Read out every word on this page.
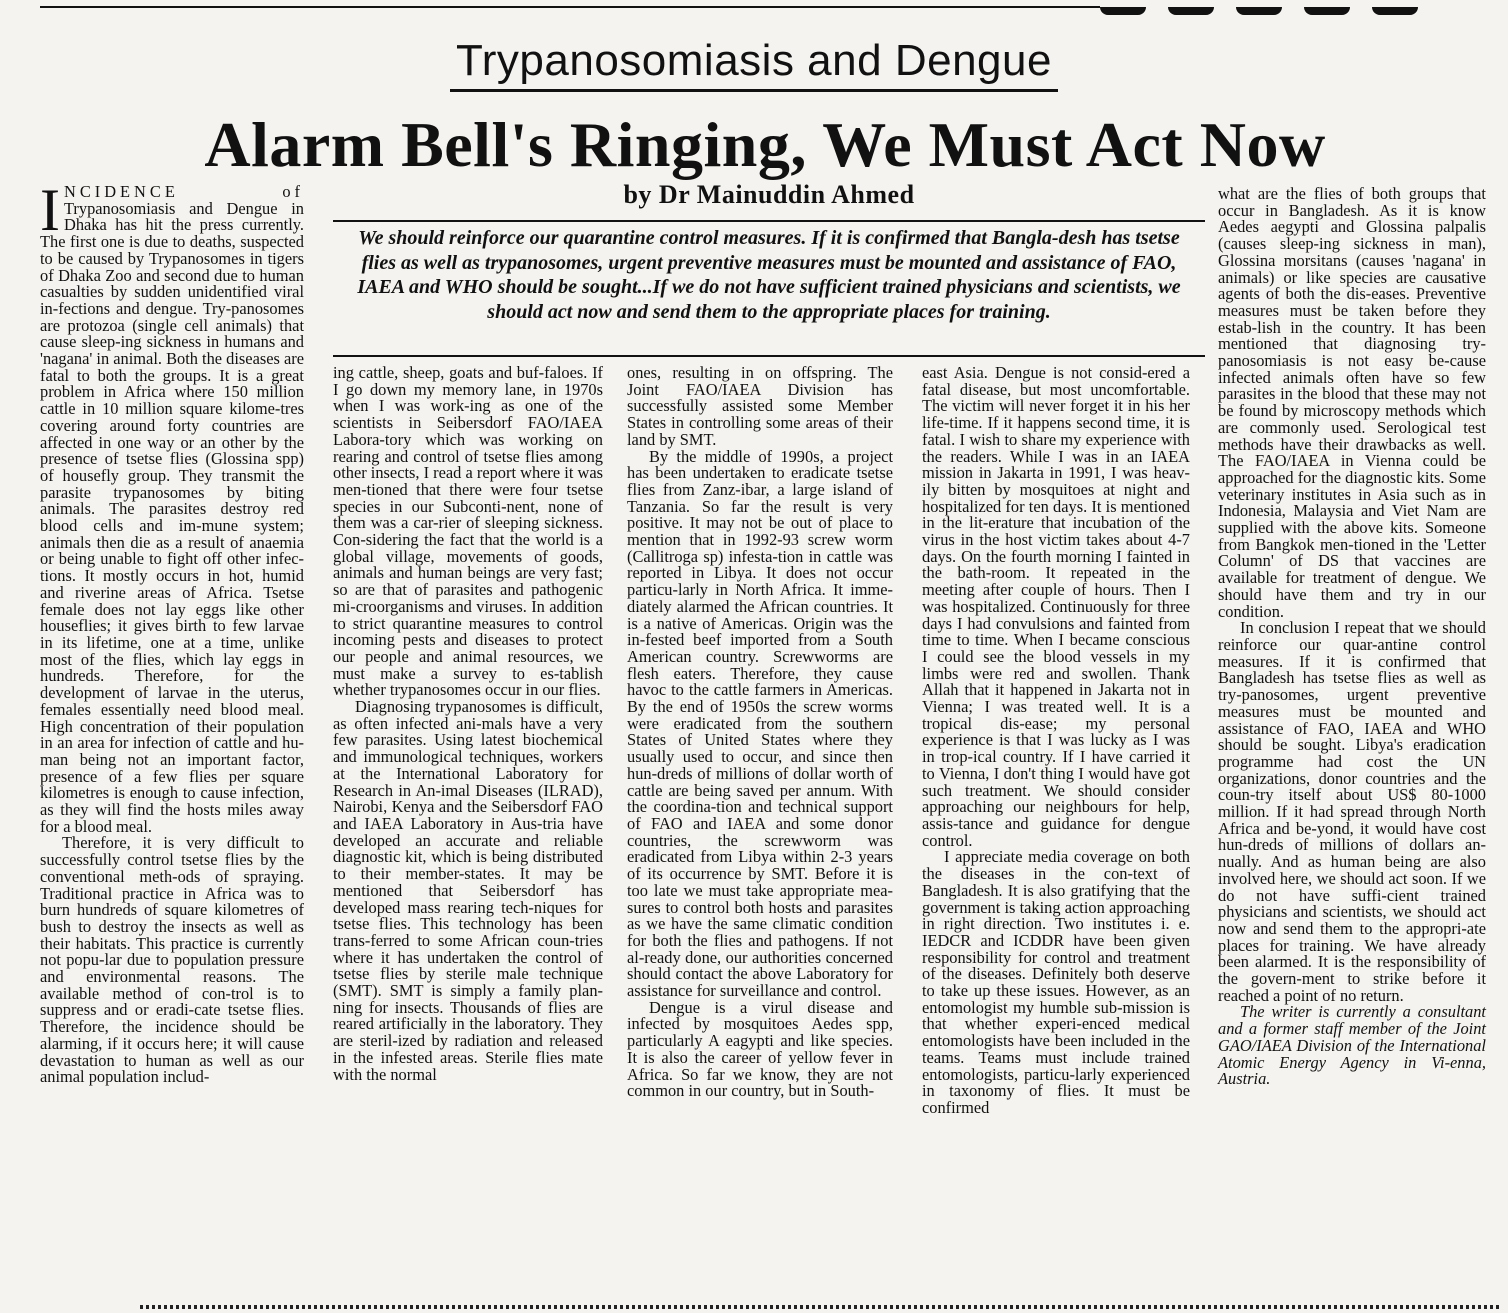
Trypanosomiasis and Dengue
Alarm Bell's Ringing, We Must Act Now

INCIDENCE of Trypanosomiasis and Dengue in Dhaka has hit the press currently. The first one is due to deaths, suspected to be caused by Trypanosomes in tigers of Dhaka Zoo and second due to human casualties by sudden unidentified viral in-fections and dengue. Try-panosomes are protozoa (single cell animals) that cause sleep-ing sickness in humans and 'nagana' in animal. Both the diseases are fatal to both the groups. It is a great problem in Africa where 150 million cattle in 10 million square kilome-tres covering around forty countries are affected in one way or an other by the presence of tsetse flies (Glossina spp) of housefly group. They transmit the parasite trypanosomes by biting animals. The parasites destroy red blood cells and im-mune system; animals then die as a result of anaemia or being unable to fight off other infec-tions. It mostly occurs in hot, humid and riverine areas of Africa. Tsetse female does not lay eggs like other houseflies; it gives birth to few larvae in its lifetime, one at a time, unlike most of the flies, which lay eggs in hundreds. Therefore, for the development of larvae in the uterus, females essentially need blood meal. High concentration of their population in an area for infection of cattle and hu-man being not an important factor, presence of a few flies per square kilometres is enough to cause infection, as they will find the hosts miles away for a blood meal.

Therefore, it is very difficult to successfully control tsetse flies by the conventional meth-ods of spraying. Traditional practice in Africa was to burn hundreds of square kilometres of bush to destroy the insects as well as their habitats. This practice is currently not popu-lar due to population pressure and environmental reasons. The available method of con-trol is to suppress and or eradi-cate tsetse flies. Therefore, the incidence should be alarming, if it occurs here; it will cause devastation to human as well as our animal population includ-

by Dr Mainuddin Ahmed

We should reinforce our quarantine control measures. If it is confirmed that Bangla-desh has tsetse flies as well as trypanosomes, urgent preventive measures must be mounted and assistance of FAO, IAEA and WHO should be sought...If we do not have sufficient trained physicians and scientists, we should act now and send them to the appropriate places for training.

ing cattle, sheep, goats and buf-faloes. If I go down my memory lane, in 1970s when I was work-ing as one of the scientists in Seibersdorf FAO/IAEA Labora-tory which was working on rearing and control of tsetse flies among other insects, I read a report where it was men-tioned that there were four tsetse species in our Subconti-nent, none of them was a car-rier of sleeping sickness. Con-sidering the fact that the world is a global village, movements of goods, animals and human beings are very fast; so are that of parasites and pathogenic mi-croorganisms and viruses. In addition to strict quarantine measures to control incoming pests and diseases to protect our people and animal resources, we must make a survey to es-tablish whether trypanosomes occur in our flies.

Diagnosing trypanosomes is difficult, as often infected ani-mals have a very few parasites. Using latest biochemical and immunological techniques, workers at the International Laboratory for Research in An-imal Diseases (ILRAD), Nairobi, Kenya and the Seibersdorf FAO and IAEA Laboratory in Aus-tria have developed an accurate and reliable diagnostic kit, which is being distributed to their member-states. It may be mentioned that Seibersdorf has developed mass rearing tech-niques for tsetse flies. This technology has been trans-ferred to some African coun-tries where it has undertaken the control of tsetse flies by sterile male technique (SMT). SMT is simply a family plan-ning for insects. Thousands of flies are reared artificially in the laboratory. They are steril-ized by radiation and released in the infested areas. Sterile flies mate with the normal

ones, resulting in on offspring. The Joint FAO/IAEA Division has successfully assisted some Member States in controlling some areas of their land by SMT.

By the middle of 1990s, a project has been undertaken to eradicate tsetse flies from Zanz-ibar, a large island of Tanzania. So far the result is very positive. It may not be out of place to mention that in 1992-93 screw worm (Callitroga sp) infesta-tion in cattle was reported in Libya. It does not occur particu-larly in North Africa. It imme-diately alarmed the African countries. It is a native of Americas. Origin was the in-fested beef imported from a South American country. Screwworms are flesh eaters. Therefore, they cause havoc to the cattle farmers in Americas. By the end of 1950s the screw worms were eradicated from the southern States of United States where they usually used to occur, and since then hun-dreds of millions of dollar worth of cattle are being saved per annum. With the coordina-tion and technical support of FAO and IAEA and some donor countries, the screwworm was eradicated from Libya within 2-3 years of its occurrence by SMT. Before it is too late we must take appropriate mea-sures to control both hosts and parasites as we have the same climatic condition for both the flies and pathogens. If not al-ready done, our authorities concerned should contact the above Laboratory for assistance for surveillance and control.

Dengue is a virul disease and infected by mosquitoes Aedes spp, particularly A eagypti and like species. It is also the career of yellow fever in Africa. So far we know, they are not common in our country, but in South-

east Asia. Dengue is not consid-ered a fatal disease, but most uncomfortable. The victim will never forget it in his her life-time. If it happens second time, it is fatal. I wish to share my experience with the readers. While I was in an IAEA mission in Jakarta in 1991, I was heav-ily bitten by mosquitoes at night and hospitalized for ten days. It is mentioned in the lit-erature that incubation of the virus in the host victim takes about 4-7 days. On the fourth morning I fainted in the bath-room. It repeated in the meeting after couple of hours. Then I was hospitalized. Continuously for three days I had convulsions and fainted from time to time. When I became conscious I could see the blood vessels in my limbs were red and swollen. Thank Allah that it happened in Jakarta not in Vienna; I was treated well. It is a tropical dis-ease; my personal experience is that I was lucky as I was in trop-ical country. If I have carried it to Vienna, I don't thing I would have got such treatment. We should consider approaching our neighbours for help, assis-tance and guidance for dengue control.

I appreciate media coverage on both the diseases in the con-text of Bangladesh. It is also gratifying that the government is taking action approaching in right direction. Two institutes i. e. IEDCR and ICDDR have been given responsibility for control and treatment of the diseases. Definitely both deserve to take up these issues. However, as an entomologist my humble sub-mission is that whether experi-enced medical entomologists have been included in the teams. Teams must include trained entomologists, particu-larly experienced in taxonomy of flies. It must be confirmed

what are the flies of both groups that occur in Bangladesh. As it is know Aedes aegypti and Glossina palpalis (causes sleep-ing sickness in man), Glossina morsitans (causes 'nagana' in animals) or like species are causative agents of both the dis-eases. Preventive measures must be taken before they estab-lish in the country. It has been mentioned that diagnosing try-panosomiasis is not easy be-cause infected animals often have so few parasites in the blood that these may not be found by microscopy methods which are commonly used. Serological test methods have their drawbacks as well. The FAO/IAEA in Vienna could be approached for the diagnostic kits. Some veterinary institutes in Asia such as in Indonesia, Malaysia and Viet Nam are supplied with the above kits. Someone from Bangkok men-tioned in the 'Letter Column' of DS that vaccines are available for treatment of dengue. We should have them and try in our condition.

In conclusion I repeat that we should reinforce our quar-antine control measures. If it is confirmed that Bangladesh has tsetse flies as well as try-panosomes, urgent preventive measures must be mounted and assistance of FAO, IAEA and WHO should be sought. Libya's eradication programme had cost the UN organizations, donor countries and the coun-try itself about US$ 80-1000 million. If it had spread through North Africa and be-yond, it would have cost hun-dreds of millions of dollars an-nually. And as human being are also involved here, we should act soon. If we do not have suffi-cient trained physicians and scientists, we should act now and send them to the appropri-ate places for training. We have already been alarmed. It is the responsibility of the govern-ment to strike before it reached a point of no return.

The writer is currently a consultant and a former staff member of the Joint GAO/IAEA Division of the International Atomic Energy Agency in Vi-enna, Austria.
